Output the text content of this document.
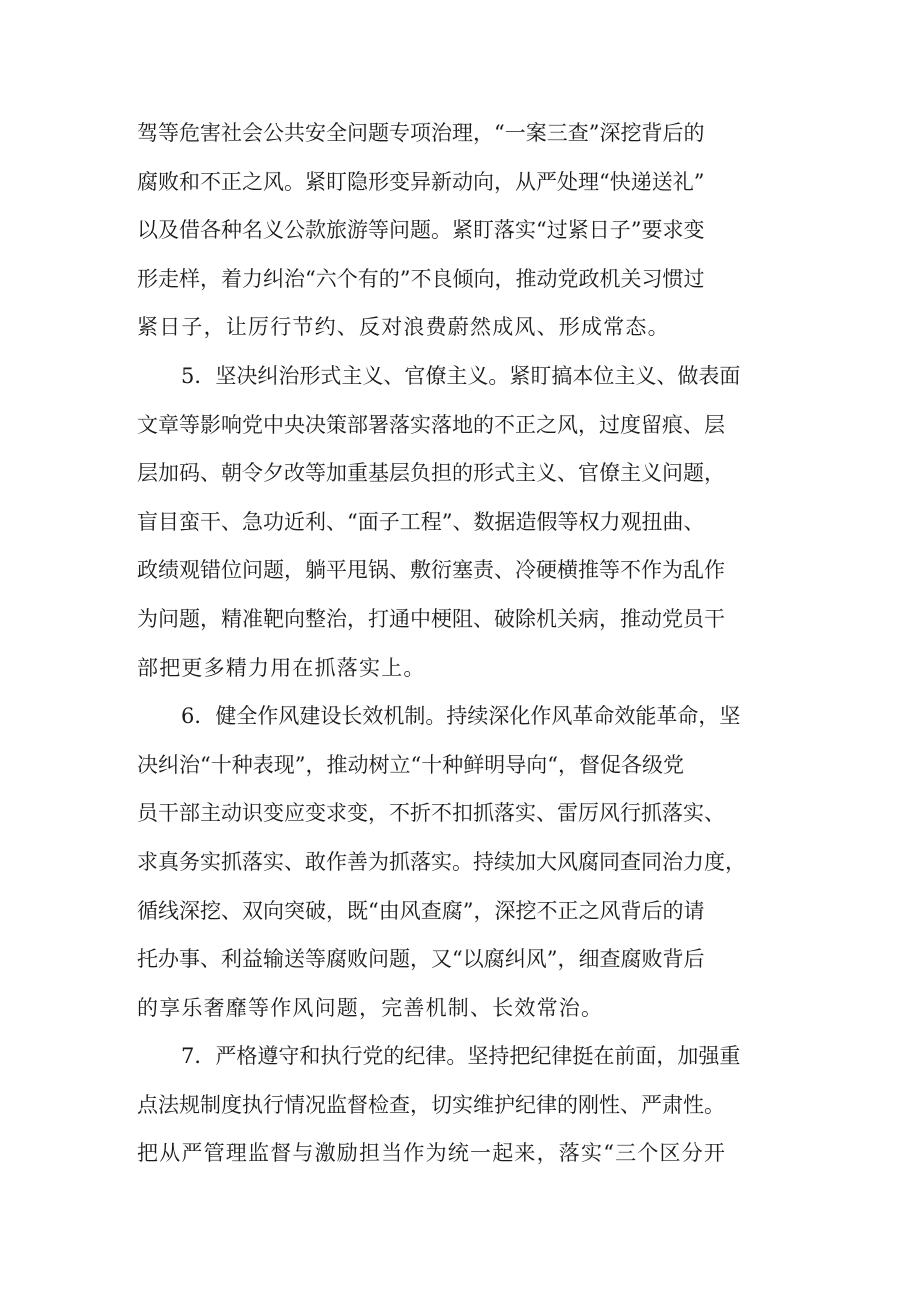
驾等危害社会公共安全问题专项治理，“一案三查”深挖背后的
腐败和不正之风。紧盯隐形变异新动向，从严处理“快递送礼”
以及借各种名义公款旅游等问题。紧盯落实“过紧日子”要求变
形走样，着力纠治“六个有的”不良倾向，推动党政机关习惯过
紧日子，让厉行节约、反对浪费蔚然成风、形成常态。
5．坚决纠治形式主义、官僚主义。紧盯搞本位主义、做表面
文章等影响党中央决策部署落实落地的不正之风，过度留痕、层
层加码、朝令夕改等加重基层负担的形式主义、官僚主义问题，
盲目蛮干、急功近利、“面子工程”、数据造假等权力观扭曲、
政绩观错位问题，躺平甩锅、敷衍塞责、冷硬横推等不作为乱作
为问题，精准靶向整治，打通中梗阻、破除机关病，推动党员干
部把更多精力用在抓落实上。
6．健全作风建设长效机制。持续深化作风革命效能革命，坚
决纠治“十种表现”，推动树立“十种鲜明导向“，督促各级党
员干部主动识变应变求变，不折不扣抓落实、雷厉风行抓落实、
求真务实抓落实、敢作善为抓落实。持续加大风腐同查同治力度，
循线深挖、双向突破，既“由风查腐”，深挖不正之风背后的请
托办事、利益输送等腐败问题，又“以腐纠风”，细查腐败背后
的享乐奢靡等作风问题，完善机制、长效常治。
7．严格遵守和执行党的纪律。坚持把纪律挺在前面，加强重
点法规制度执行情况监督检查，切实维护纪律的刚性、严肃性。
把从严管理监督与激励担当作为统一起来，落实“三个区分开
